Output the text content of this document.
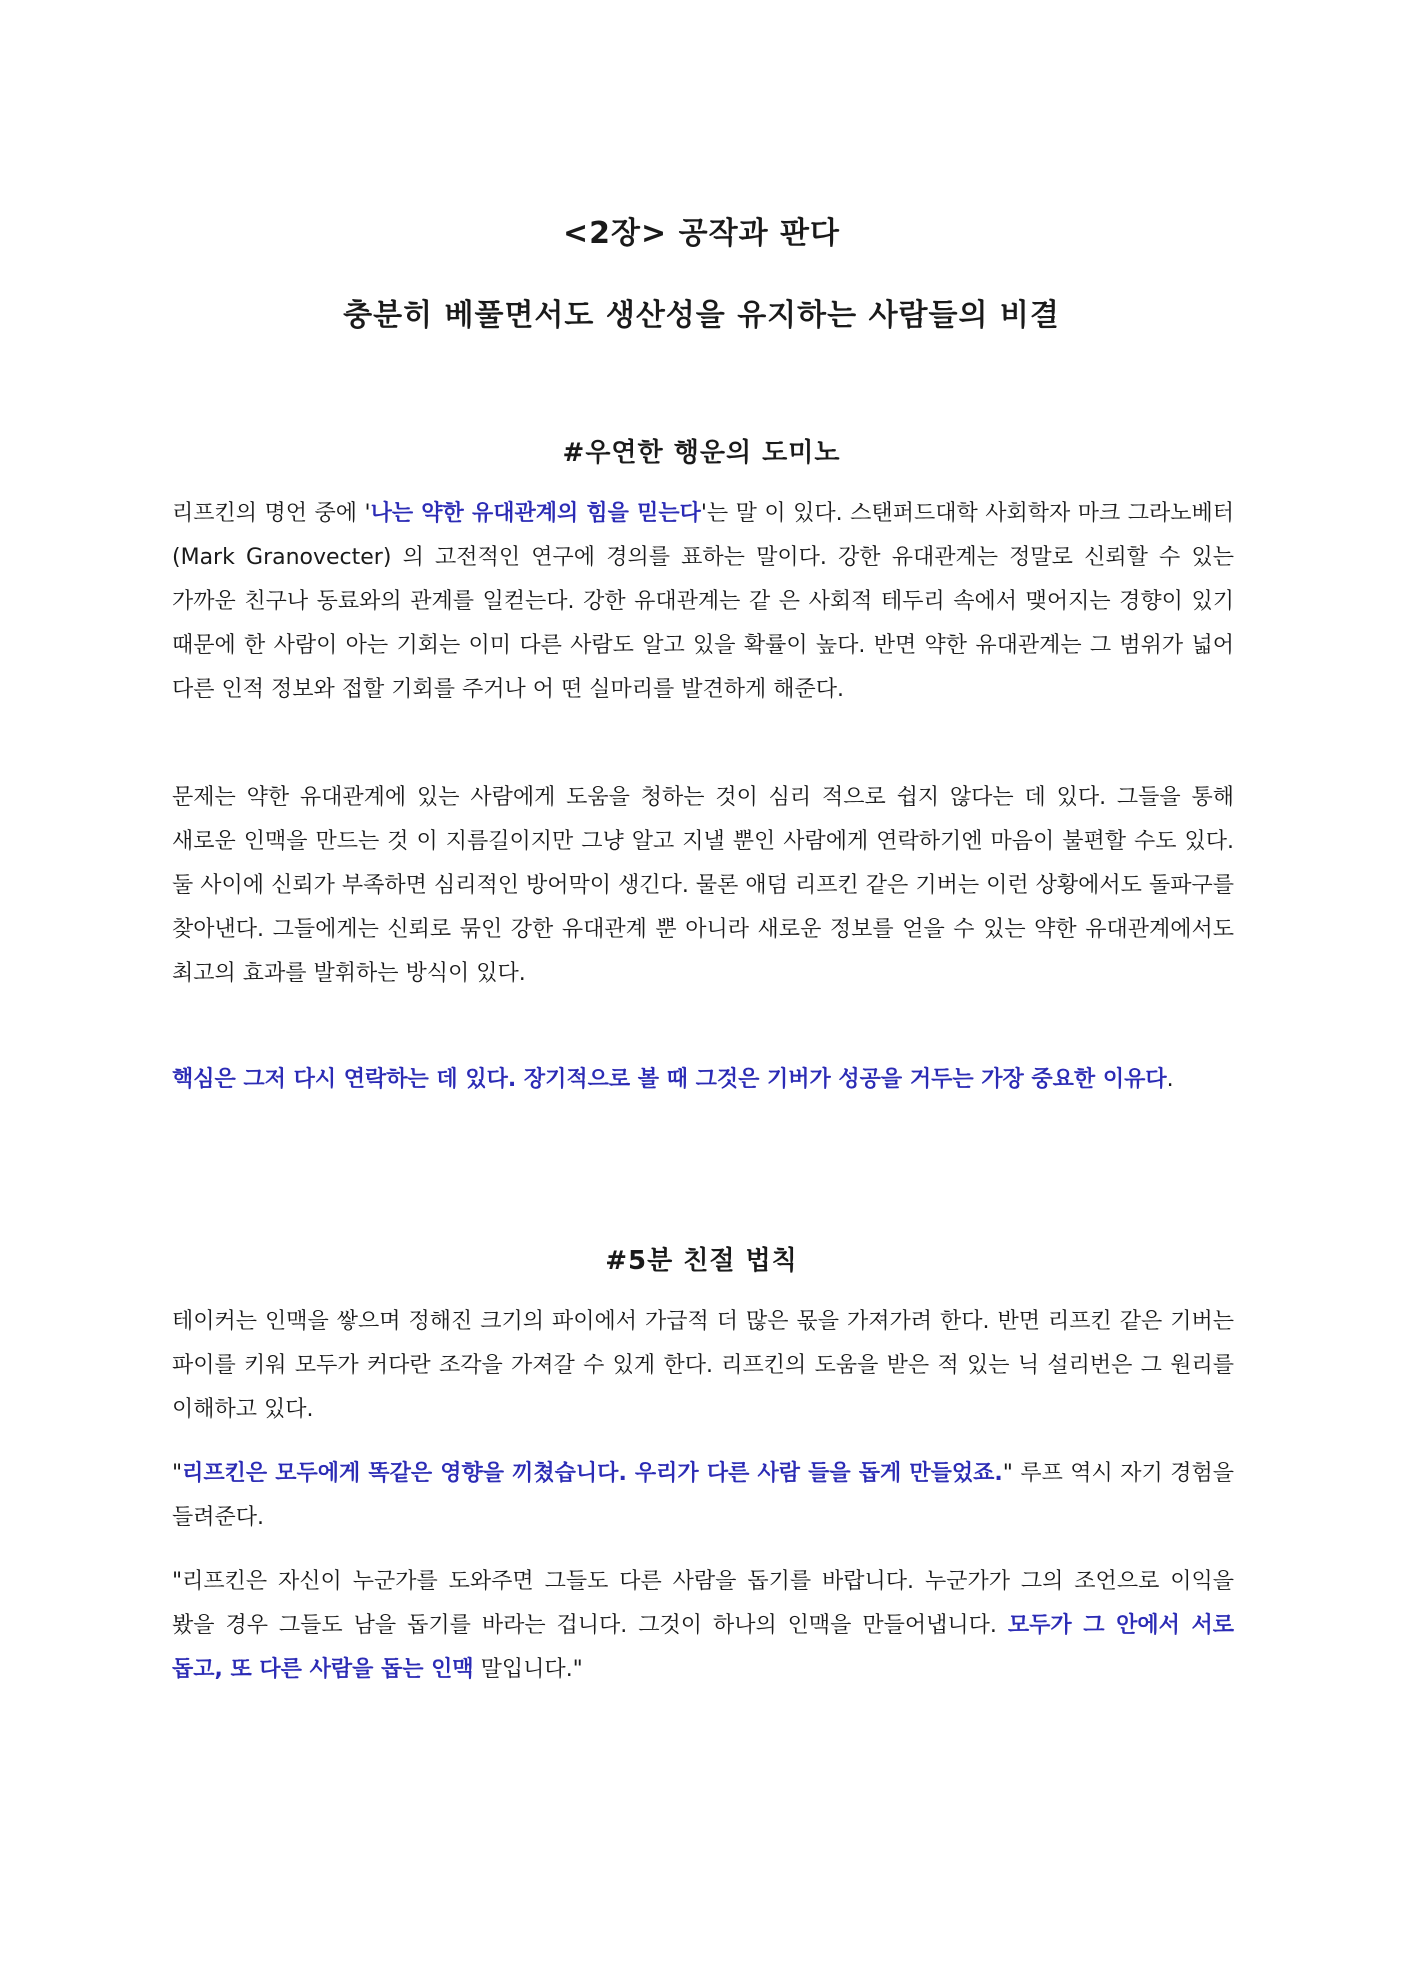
<2장> 공작과 판다
충분히 베풀면서도 생산성을 유지하는 사람들의 비결
#우연한 행운의 도미노

리프킨의 명언 중에 '나는 약한 유대관계의 힘을 믿는다'는 말 이 있다. 스탠퍼드대학 사회학자 마크 그라노베터(Mark Granovecter) 의 고전적인 연구에 경의를 표하는 말이다. 강한 유대관계는 정말로 신뢰할 수 있는 가까운 친구나 동료와의 관계를 일컫는다. 강한 유대관계는 같 은 사회적 테두리 속에서 맺어지는 경향이 있기 때문에 한 사람이 아는 기회는 이미 다른 사람도 알고 있을 확률이 높다. 반면 약한 유대관계는 그 범위가 넓어 다른 인적 정보와 접할 기회를 주거나 어 떤 실마리를 발견하게 해준다.

문제는 약한 유대관계에 있는 사람에게 도움을 청하는 것이 심리 적으로 쉽지 않다는 데 있다. 그들을 통해 새로운 인맥을 만드는 것 이 지름길이지만 그냥 알고 지낼 뿐인 사람에게 연락하기엔 마음이 불편할 수도 있다. 둘 사이에 신뢰가 부족하면 심리적인 방어막이 생긴다. 물론 애덤 리프킨 같은 기버는 이런 상황에서도 돌파구를 찾아낸다. 그들에게는 신뢰로 묶인 강한 유대관계 뿐 아니라 새로운 정보를 얻을 수 있는 약한 유대관계에서도 최고의 효과를 발휘하는 방식이 있다.

핵심은 그저 다시 연락하는 데 있다. 장기적으로 볼 때 그것은 기버가 성공을 거두는 가장 중요한 이유다.

#5분 친절 법칙

테이커는 인맥을 쌓으며 정해진 크기의 파이에서 가급적 더 많은 몫을 가져가려 한다. 반면 리프킨 같은 기버는 파이를 키워 모두가 커다란 조각을 가져갈 수 있게 한다. 리프킨의 도움을 받은 적 있는 닉 설리번은 그 원리를 이해하고 있다.

"리프킨은 모두에게 똑같은 영향을 끼쳤습니다. 우리가 다른 사람 들을 돕게 만들었죠." 루프 역시 자기 경험을 들려준다.

"리프킨은 자신이 누군가를 도와주면 그들도 다른 사람을 돕기를 바랍니다. 누군가가 그의 조언으로 이익을 봤을 경우 그들도 남을 돕기를 바라는 겁니다. 그것이 하나의 인맥을 만들어냅니다. 모두가 그 안에서 서로 돕고, 또 다른 사람을 돕는 인맥 말입니다."
